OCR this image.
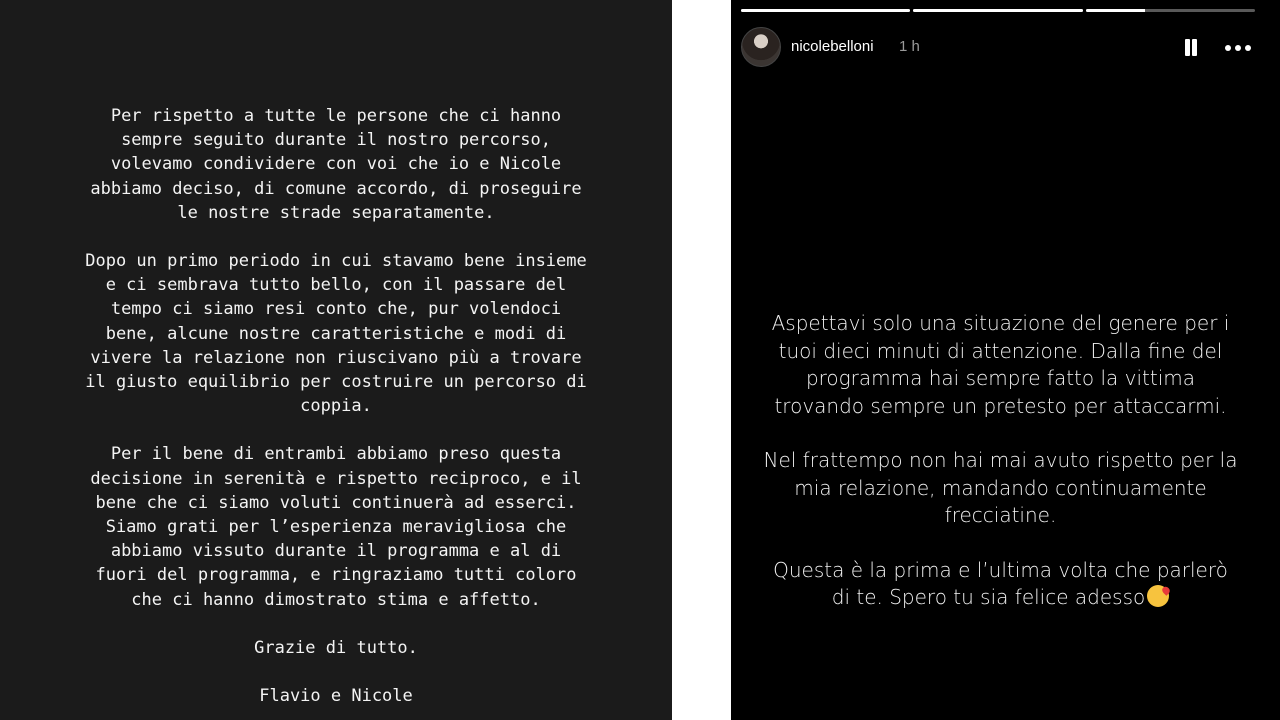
Per rispetto a tutte le persone che ci hanno
sempre seguito durante il nostro percorso,
volevamo condividere con voi che io e Nicole
abbiamo deciso, di comune accordo, di proseguire
le nostre strade separatamente.

Dopo un primo periodo in cui stavamo bene insieme
e ci sembrava tutto bello, con il passare del
tempo ci siamo resi conto che, pur volendoci
bene, alcune nostre caratteristiche e modi di
vivere la relazione non riuscivano più a trovare
il giusto equilibrio per costruire un percorso di
coppia.

Per il bene di entrambi abbiamo preso questa
decisione in serenità e rispetto reciproco, e il
bene che ci siamo voluti continuerà ad esserci.
Siamo grati per l’esperienza meravigliosa che
abbiamo vissuto durante il programma e al di
fuori del programma, e ringraziamo tutti coloro
che ci hanno dimostrato stima e affetto.

Grazie di tutto.

Flavio e Nicole

nicolebelloni 1 h

Aspettavi solo una situazione del genere per i tuoi dieci minuti di attenzione. Dalla fine del programma hai sempre fatto la vittima trovando sempre un pretesto per attaccarmi.

Nel frattempo non hai mai avuto rispetto per la mia relazione, mandando continuamente frecciatine.

Questa è la prima e l’ultima volta che parlerò di te. Spero tu sia felice adesso
